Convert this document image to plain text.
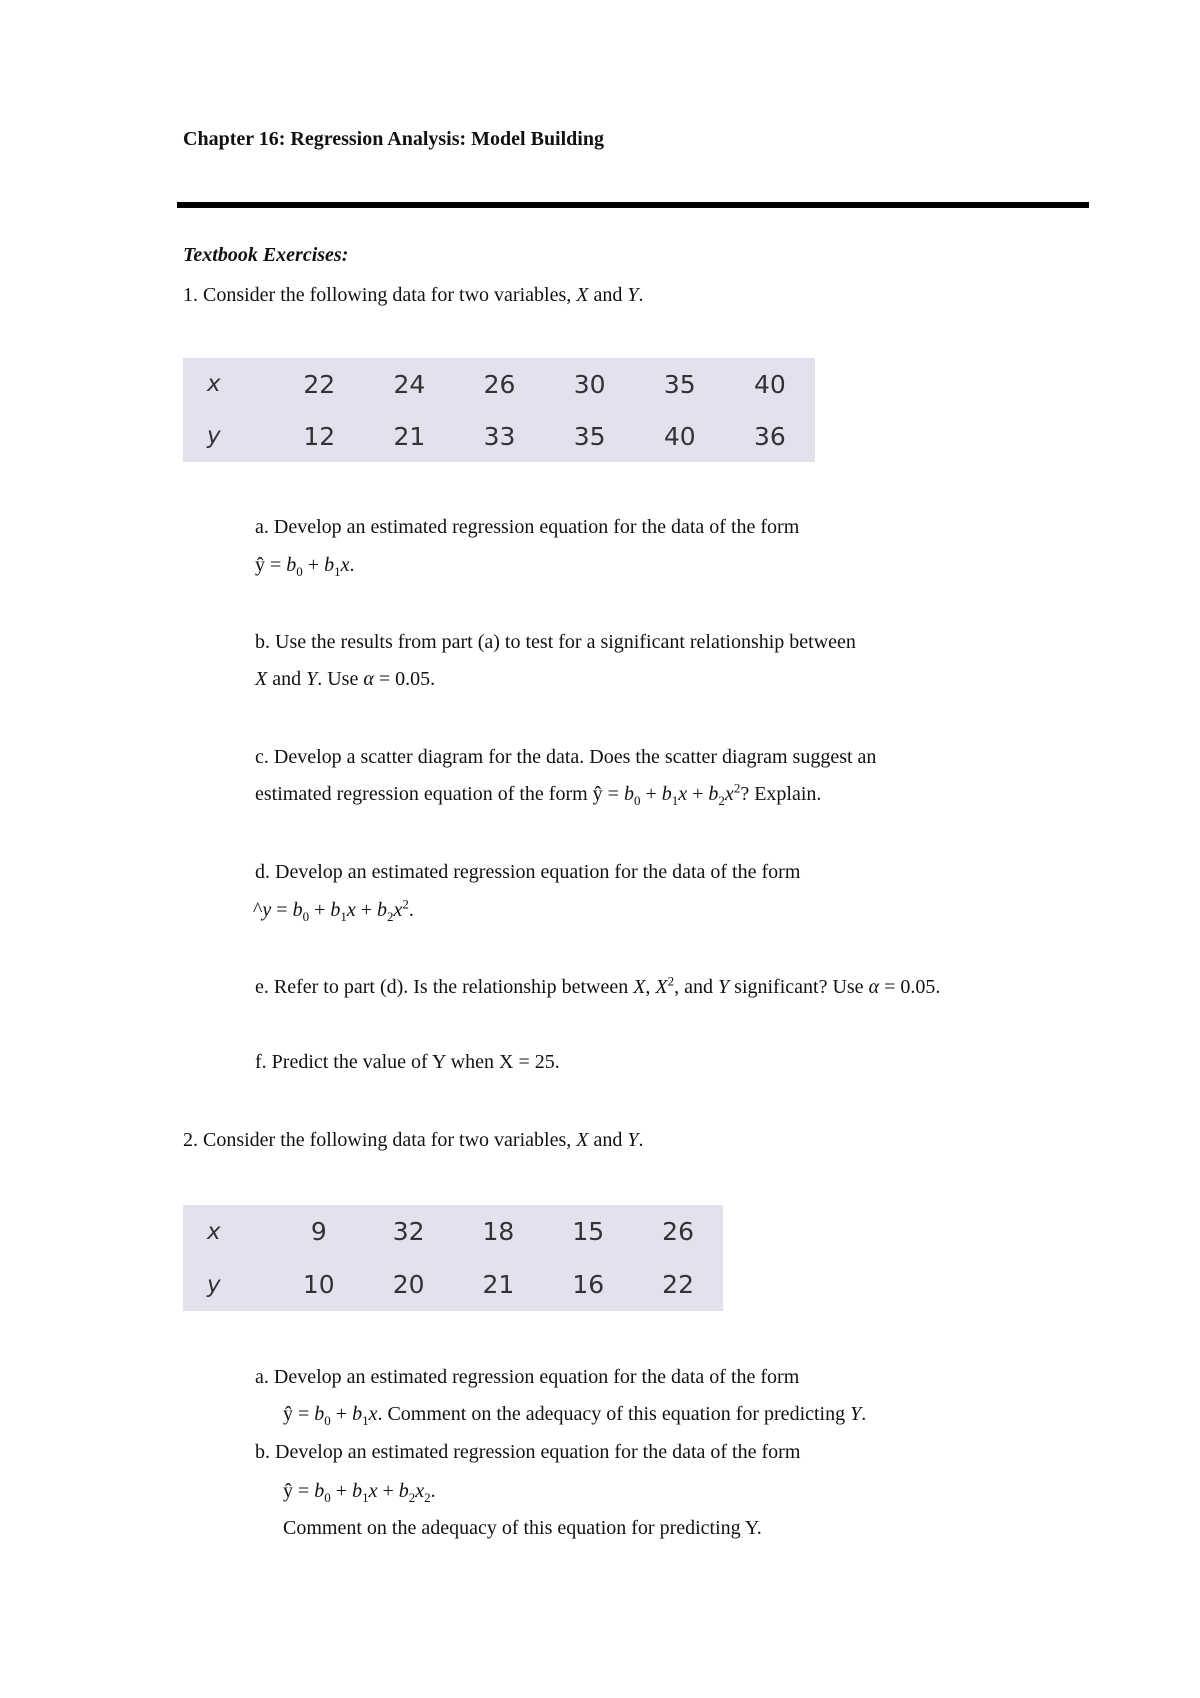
Chapter 16: Regression Analysis: Model Building
Textbook Exercises:
1. Consider the following data for two variables, X and Y.
x	22	24	26	30	35	40
y	12	21	33	35	40	36
a. Develop an estimated regression equation for the data of the form
ŷ = $b_0 + b_1x$.
b. Use the results from part (a) to test for a significant relationship between
X and Y. Use α = 0.05.
c. Develop a scatter diagram for the data. Does the scatter diagram suggest an
estimated regression equation of the form ŷ = $b_0 + b_1x + b_2x^2$? Explain.
d. Develop an estimated regression equation for the data of the form
^y = $b_0 + b_1x + b_2x^2$.
e. Refer to part (d). Is the relationship between X, $X^2$, and Y significant? Use α = 0.05.
f. Predict the value of Y when X = 25.
2. Consider the following data for two variables, X and Y.
x	9	32	18	15	26
y	10	20	21	16	22
a. Develop an estimated regression equation for the data of the form
ŷ = $b_0 + b_1x$. Comment on the adequacy of this equation for predicting Y.
b. Develop an estimated regression equation for the data of the form
ŷ = $b_0 + b_1x + b_2x_2$.
Comment on the adequacy of this equation for predicting Y.
